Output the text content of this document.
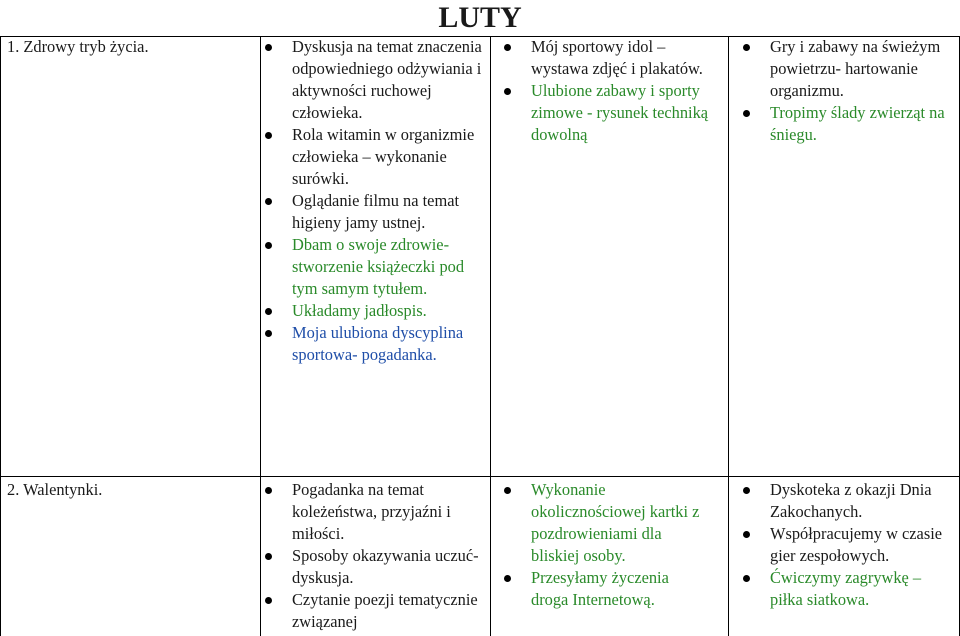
LUTY
1. Zdrowy tryb życia.	Dyskusja na temat znaczenia odpowiedniego odżywiania i aktywności ruchowej człowieka.
Rola witamin w organizmie człowieka – wykonanie surówki.
Oglądanie filmu na temat higieny jamy ustnej.
Dbam o swoje zdrowie- stworzenie książeczki pod tym samym tytułem.
Układamy jadłospis.
Moja ulubiona dyscyplina sportowa- pogadanka.
Mój sportowy idol – wystawa zdjęć i plakatów.
Ulubione zabawy i sporty zimowe - rysunek techniką dowolną
Gry i zabawy na świeżym powietrzu- hartowanie organizmu.
Tropimy ślady zwierząt na śniegu.
2. Walentynki.	Pogadanka na temat koleżeństwa, przyjaźni i miłości.
Sposoby okazywania uczuć- dyskusja.
Czytanie poezji tematycznie związanej
Wykonanie okolicznościowej kartki z pozdrowieniami dla bliskiej osoby.
Przesyłamy życzenia droga Internetową.
Dyskoteka z okazji Dnia Zakochanych.
Współpracujemy w czasie gier zespołowych.
Ćwiczymy zagrywkę – piłka siatkowa.
